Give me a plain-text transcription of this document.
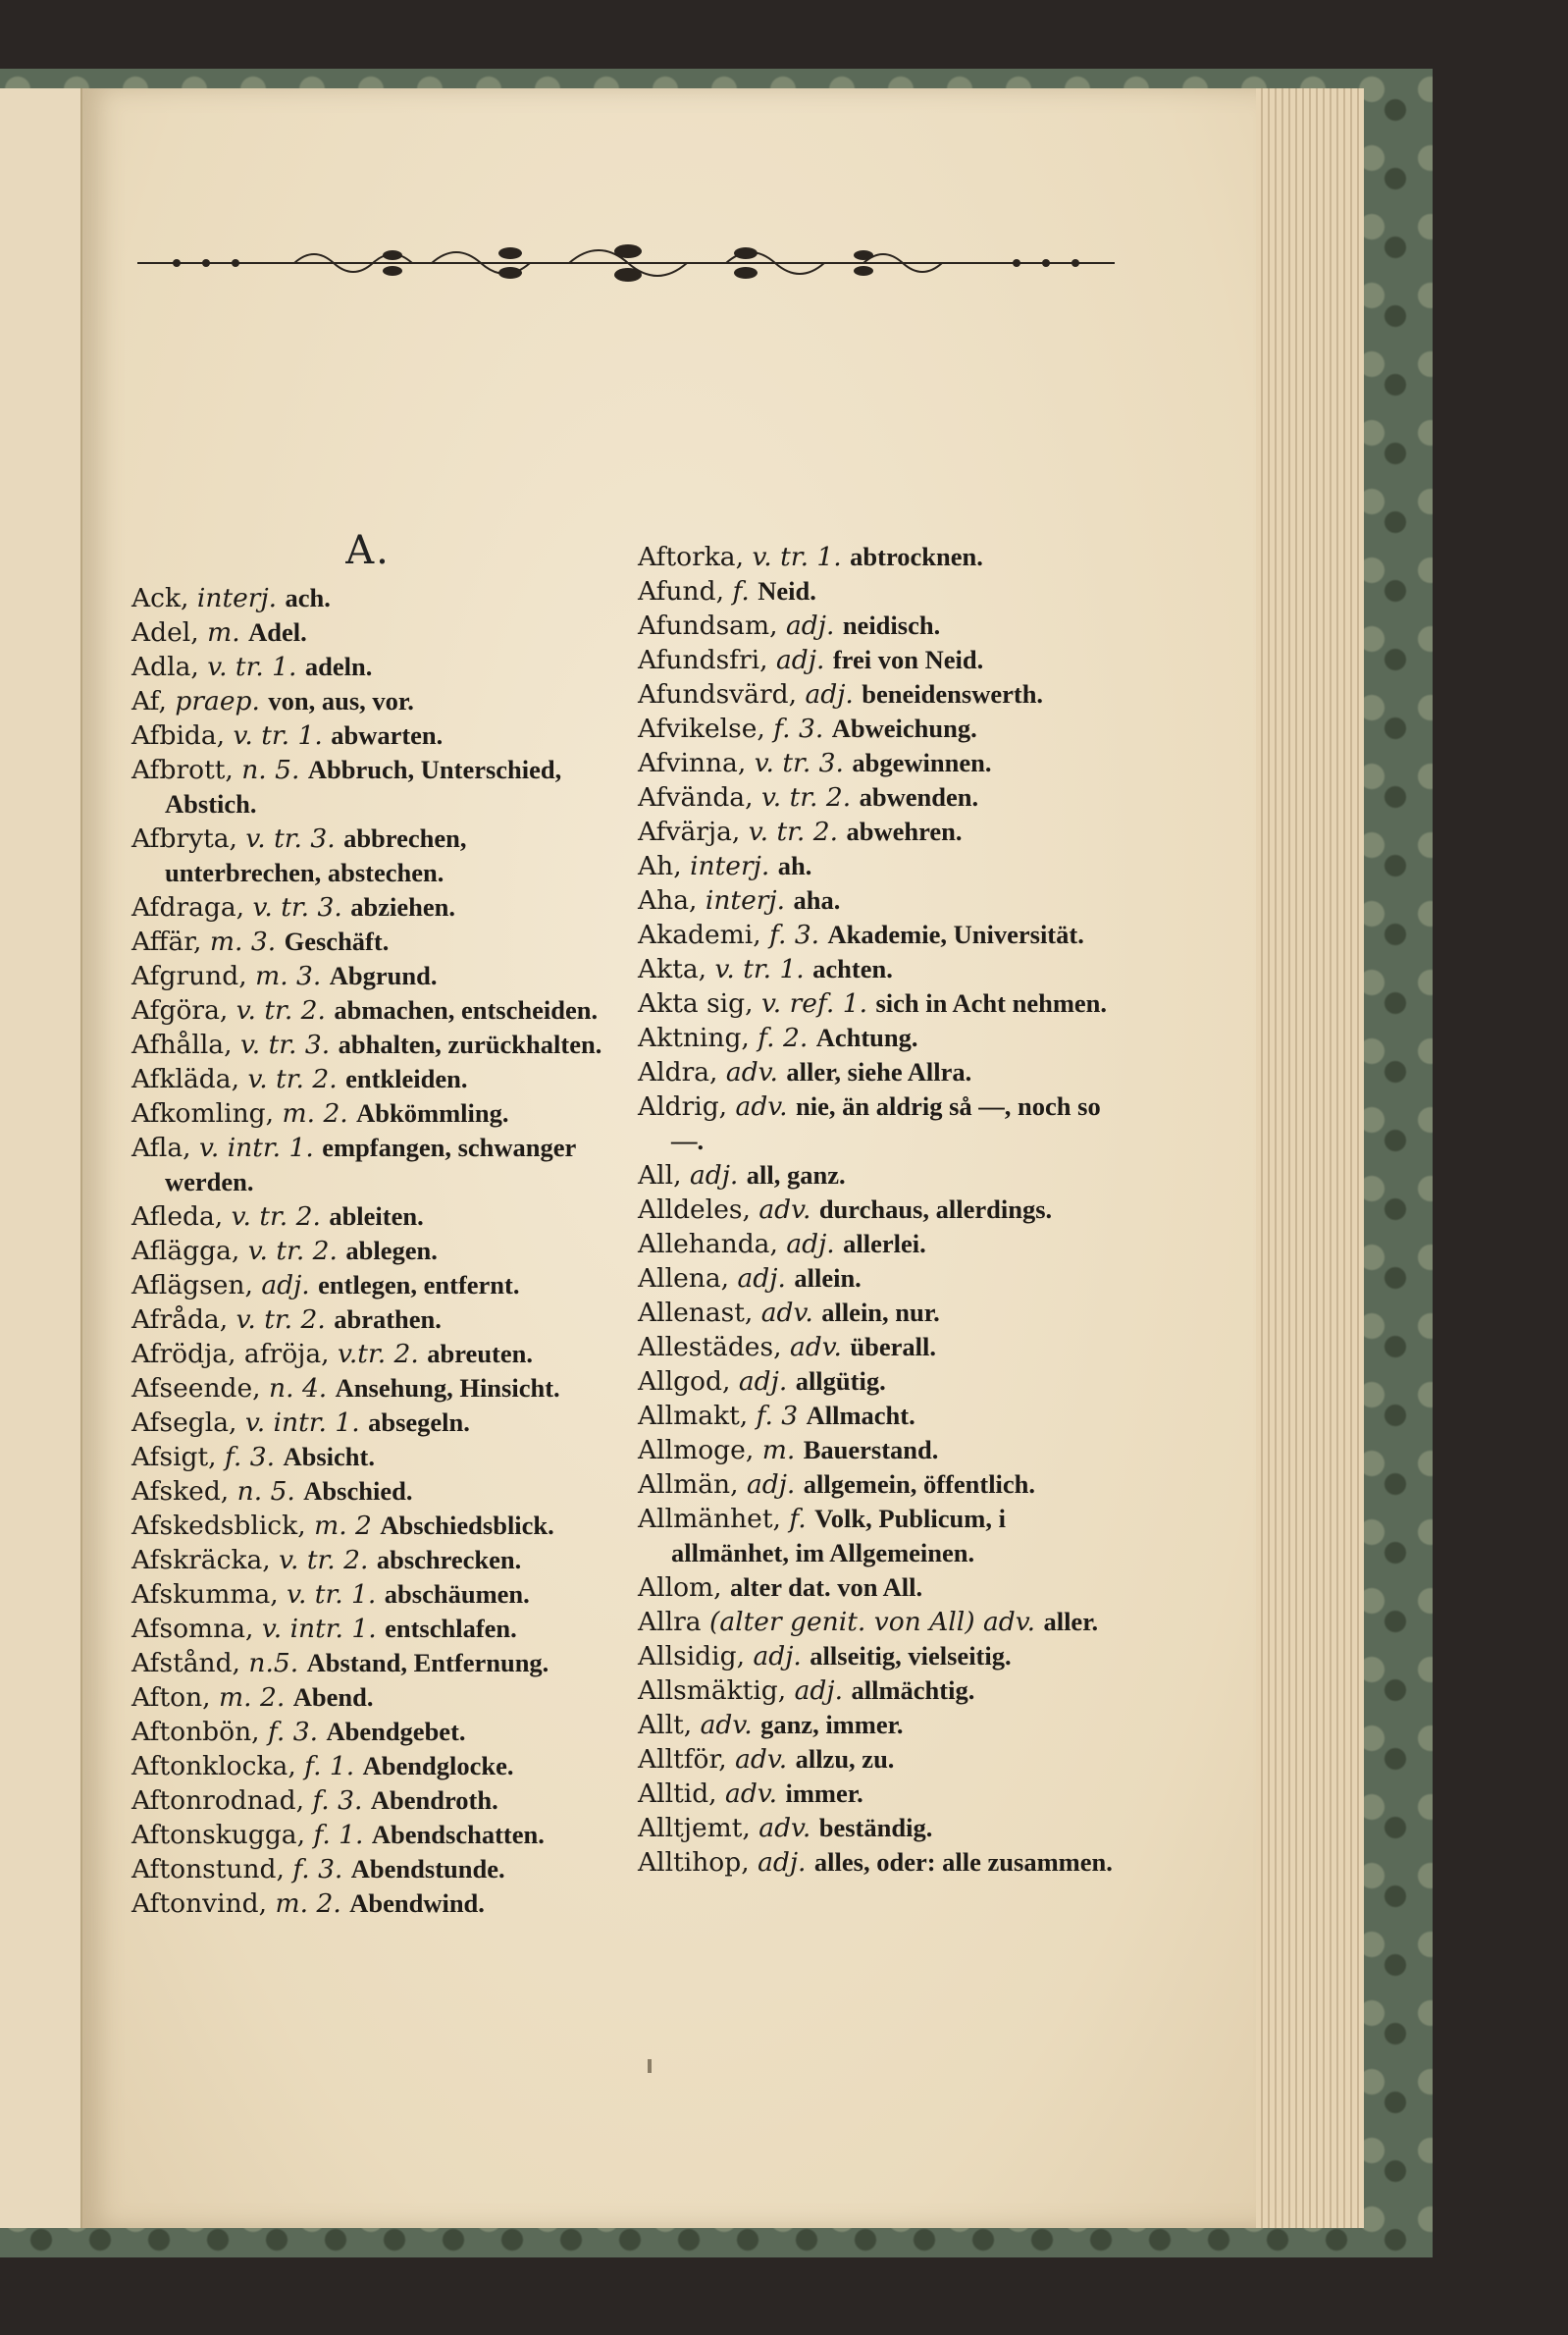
A.
Ack, interj. ach.
Adel, m. Adel.
Adla, v. tr. 1. adeln.
Af, praep. von, aus, vor.
Afbida, v. tr. 1. abwarten.
Afbrott, n. 5. Abbruch, Unterschied, Abstich.
Afbryta, v. tr. 3. abbrechen, unterbrechen, abstechen.
Afdraga, v. tr. 3. abziehen.
Affär, m. 3. Geschäft.
Afgrund, m. 3. Abgrund.
Afgöra, v. tr. 2. abmachen, entscheiden.
Afhålla, v. tr. 3. abhalten, zurückhalten.
Afkläda, v. tr. 2. entkleiden.
Afkomling, m. 2. Abkömmling.
Afla, v. intr. 1. empfangen, schwanger werden.
Afleda, v. tr. 2. ableiten.
Aflägga, v. tr. 2. ablegen.
Aflägsen, adj. entlegen, entfernt.
Afråda, v. tr. 2. abrathen.
Afrödja, afröja, v.tr. 2. abreuten.
Afseende, n. 4. Ansehung, Hinsicht.
Afsegla, v. intr. 1. absegeln.
Afsigt, f. 3. Absicht.
Afsked, n. 5. Abschied.
Afskedsblick, m. 2 Abschiedsblick.
Afskräcka, v. tr. 2. abschrecken.
Afskumma, v. tr. 1. abschäumen.
Afsomna, v. intr. 1. entschlafen.
Afstånd, n.5. Abstand, Entfernung.
Afton, m. 2. Abend.
Aftonbön, f. 3. Abendgebet.
Aftonklocka, f. 1. Abendglocke.
Aftonrodnad, f. 3. Abendroth.
Aftonskugga, f. 1. Abendschatten.
Aftonstund, f. 3. Abendstunde.
Aftonvind, m. 2. Abendwind.
Aftorka, v. tr. 1. abtrocknen.
Afund, f. Neid.
Afundsam, adj. neidisch.
Afundsfri, adj. frei von Neid.
Afundsvärd, adj. beneidenswerth.
Afvikelse, f. 3. Abweichung.
Afvinna, v. tr. 3. abgewinnen.
Afvända, v. tr. 2. abwenden.
Afvärja, v. tr. 2. abwehren.
Ah, interj. ah.
Aha, interj. aha.
Akademi, f. 3. Akademie, Universität.
Akta, v. tr. 1. achten.
Akta sig, v. ref. 1. sich in Acht nehmen.
Aktning, f. 2. Achtung.
Aldra, adv. aller, siehe Allra.
Aldrig, adv. nie, än aldrig så —, noch so —.
All, adj. all, ganz.
Alldeles, adv. durchaus, allerdings.
Allehanda, adj. allerlei.
Allena, adj. allein.
Allenast, adv. allein, nur.
Allestädes, adv. überall.
Allgod, adj. allgütig.
Allmakt, f. 3 Allmacht.
Allmoge, m. Bauerstand.
Allmän, adj. allgemein, öffentlich.
Allmänhet, f. Volk, Publicum, i allmänhet, im Allgemeinen.
Allom, alter dat. von All.
Allra (alter genit. von All) adv. aller.
Allsidig, adj. allseitig, vielseitig.
Allsmäktig, adj. allmächtig.
Allt, adv. ganz, immer.
Alltför, adv. allzu, zu.
Alltid, adv. immer.
Alltjemt, adv. beständig.
Alltihop, adj. alles, oder: alle zusammen.
